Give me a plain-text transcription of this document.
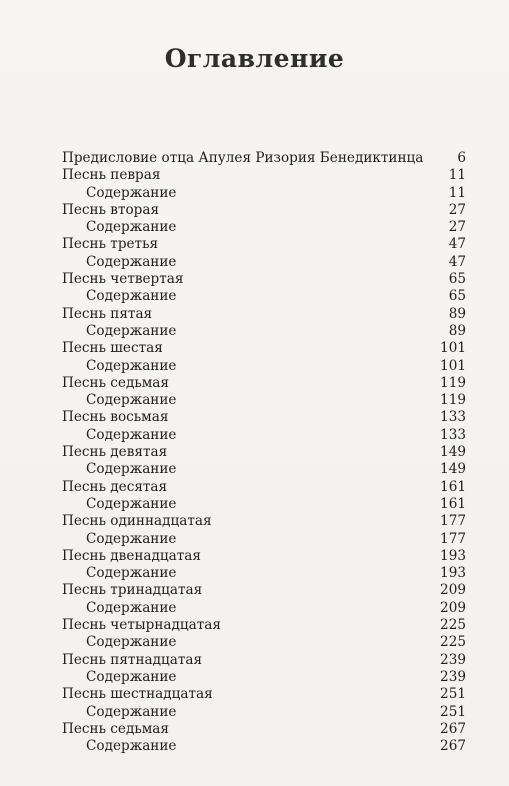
Оглавление
Предисловие отца Апулея Ризория Бенедиктинца 6
Песнь певрая	11
Содержание	11
Песнь вторая	27
Содержание	27
Песнь третья	47
Содержание	47
Песнь четвертая	65
Содержание	65
Песнь пятая	89
Содержание	89
Песнь шестая	101
Содержание	101
Песнь седьмая	119
Содержание	119
Песнь восьмая	133
Содержание	133
Песнь девятая	149
Содержание	149
Песнь десятая	161
Содержание	161
Песнь одиннадцатая	177
Содержание	177
Песнь двенадцатая	193
Содержание	193
Песнь тринадцатая	209
Содержание	209
Песнь четырнадцатая	225
Содержание	225
Песнь пятнадцатая	239
Содержание	239
Песнь шестнадцатая	251
Содержание	251
Песнь седьмая	267
Содержание	267
